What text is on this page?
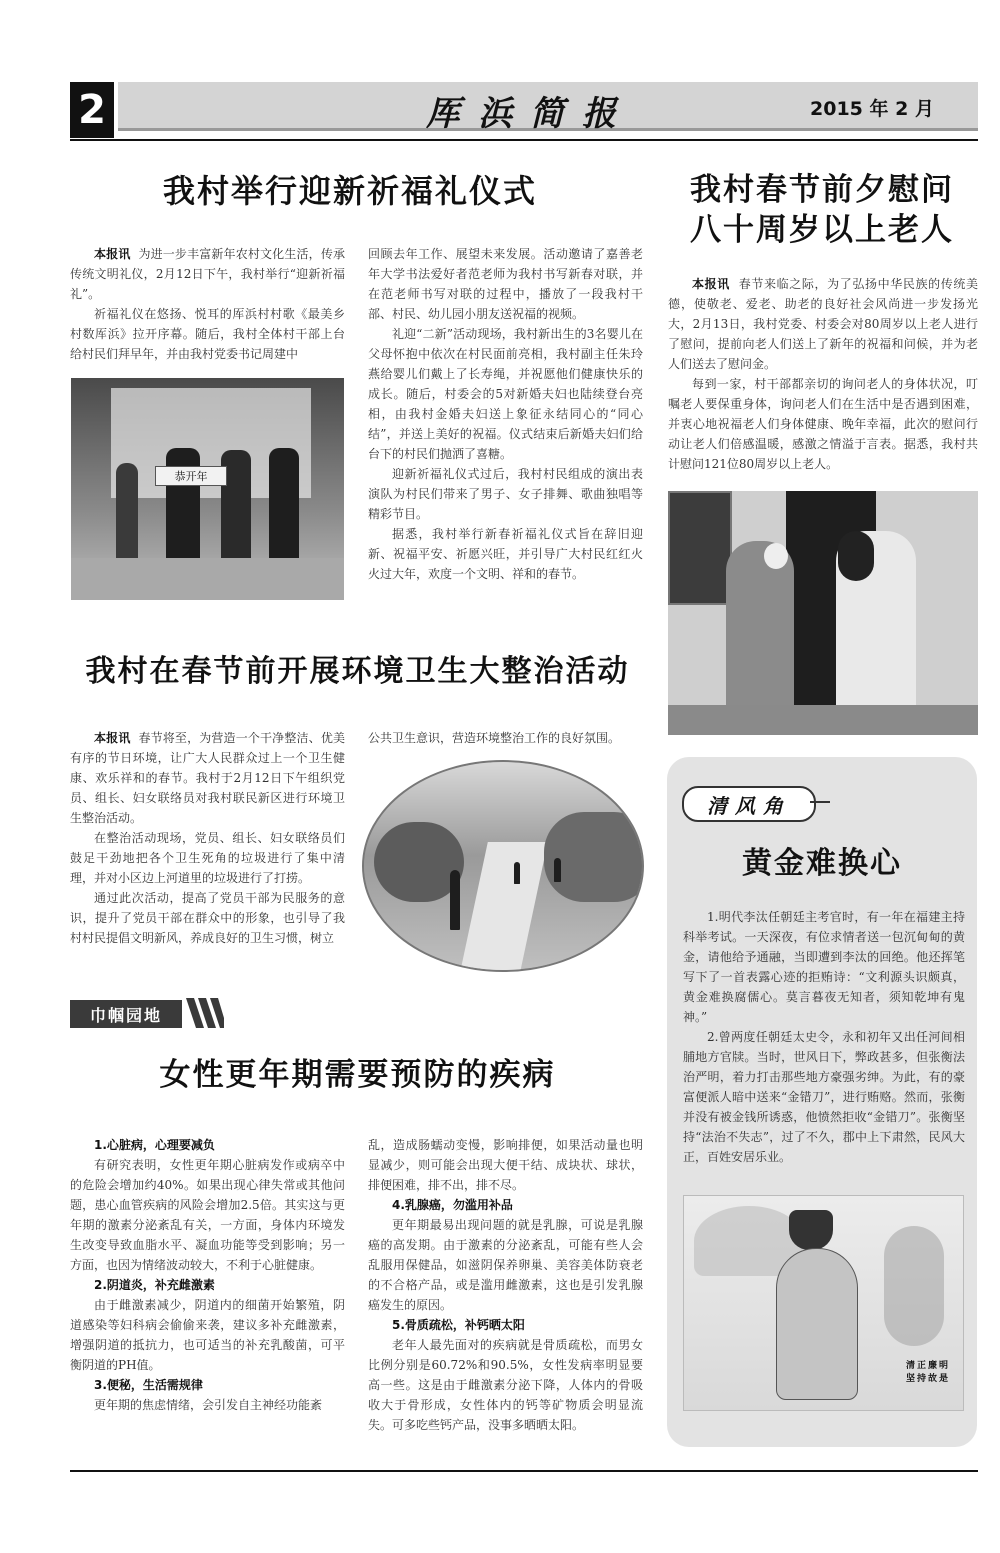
2	厍浜简报	2015 年 2 月
我村举行迎新祈福礼仪式

本报讯 为进一步丰富新年农村文化生活，传承传统文明礼仪，2月12日下午，我村举行“迎新祈福礼”。

祈福礼仪在悠扬、悦耳的厍浜村村歌《最美乡村数厍浜》拉开序幕。随后，我村全体村干部上台给村民们拜早年，并由我村党委书记周建中

恭开年

回顾去年工作、展望未来发展。活动邀请了嘉善老年大学书法爱好者范老师为我村书写新春对联，并在范老师书写对联的过程中，播放了一段我村干部、村民、幼儿园小朋友送祝福的视频。

礼迎“二新”活动现场，我村新出生的3名婴儿在父母怀抱中依次在村民面前亮相，我村副主任朱玲燕给婴儿们戴上了长寿绳，并祝愿他们健康快乐的成长。随后，村委会的5对新婚夫妇也陆续登台亮相，由我村金婚夫妇送上象征永结同心的“同心结”，并送上美好的祝福。仪式结束后新婚夫妇们给台下的村民们抛洒了喜糖。

迎新祈福礼仪式过后，我村村民组成的演出表演队为村民们带来了男子、女子排舞、歌曲独唱等精彩节目。

据悉，我村举行新春祈福礼仪式旨在辞旧迎新、祝福平安、祈愿兴旺，并引导广大村民红红火火过大年，欢度一个文明、祥和的春节。

我村在春节前开展环境卫生大整治活动

本报讯 春节将至，为营造一个干净整洁、优美有序的节日环境，让广大人民群众过上一个卫生健康、欢乐祥和的春节。我村于2月12日下午组织党员、组长、妇女联络员对我村联民新区进行环境卫生整治活动。

在整治活动现场，党员、组长、妇女联络员们鼓足干劲地把各个卫生死角的垃圾进行了集中清理，并对小区边上河道里的垃圾进行了打捞。

通过此次活动，提高了党员干部为民服务的意识，提升了党员干部在群众中的形象，也引导了我村村民提倡文明新风，养成良好的卫生习惯，树立

公共卫生意识，营造环境整治工作的良好氛围。

我村春节前夕慰问
八十周岁以上老人

本报讯 春节来临之际，为了弘扬中华民族的传统美德，使敬老、爱老、助老的良好社会风尚进一步发扬光大，2月13日，我村党委、村委会对80周岁以上老人进行了慰问，提前向老人们送上了新年的祝福和问候，并为老人们送去了慰问金。

每到一家，村干部都亲切的询问老人的身体状况，叮嘱老人要保重身体，询问老人们在生活中是否遇到困难，并衷心地祝福老人们身体健康、晚年幸福，此次的慰问行动让老人们倍感温暖，感激之情溢于言表。据悉，我村共计慰问121位80周岁以上老人。

巾帼园地
女性更年期需要预防的疾病
1.心脏病，心理要减负

有研究表明，女性更年期心脏病发作或病卒中的危险会增加约40%。如果出现心律失常或其他问题，患心血管疾病的风险会增加2.5倍。其实这与更年期的激素分泌紊乱有关，一方面，身体内环境发生改变导致血脂水平、凝血功能等受到影响；另一方面，也因为情绪波动较大，不利于心脏健康。

2.阴道炎，补充雌激素

由于雌激素减少，阴道内的细菌开始繁殖，阴道感染等妇科病会偷偷来袭，建议多补充雌激素，增强阴道的抵抗力，也可适当的补充乳酸菌，可平衡阴道的PH值。

3.便秘，生活需规律

更年期的焦虑情绪，会引发自主神经功能紊

乱，造成肠蠕动变慢，影响排便，如果活动量也明显减少，则可能会出现大便干结、成块状、球状，排便困难，排不出，排不尽。

4.乳腺癌，勿滥用补品

更年期最易出现问题的就是乳腺，可说是乳腺癌的高发期。由于激素的分泌紊乱，可能有些人会乱服用保健品，如滋阴保养卵巢、美容美体防衰老的不合格产品，或是滥用雌激素，这也是引发乳腺癌发生的原因。

5.骨质疏松，补钙晒太阳

老年人最先面对的疾病就是骨质疏松，而男女比例分别是60.72%和90.5%，女性发病率明显要高一些。这是由于雌激素分泌下降，人体内的骨吸收大于骨形成，女性体内的钙等矿物质会明显流失。可多吃些钙产品，没事多晒晒太阳。

清风角
黄金难换心

1.明代李汰任朝廷主考官时，有一年在福建主持科举考试。一天深夜，有位求情者送一包沉甸甸的黄金，请他给予通融，当即遭到李汰的回绝。他还挥笔写下了一首表露心迹的拒贿诗：“文利源头识颇真，黄金难换腐儒心。莫言暮夜无知者，须知乾坤有鬼神。”

2.曾两度任朝廷太史令，永和初年又出任河间相脯地方官牍。当时，世风日下，弊政甚多，但张衡法治严明，着力打击那些地方豪强劣绅。为此，有的豪富便派人暗中送来“金错刀”，进行贿赂。然而，张衡并没有被金钱所诱惑，他愤然拒收“金错刀”。张衡坚持“法治不失志”，过了不久，郡中上下肃然，民风大正，百姓安居乐业。

清正廉明 坚持故是
